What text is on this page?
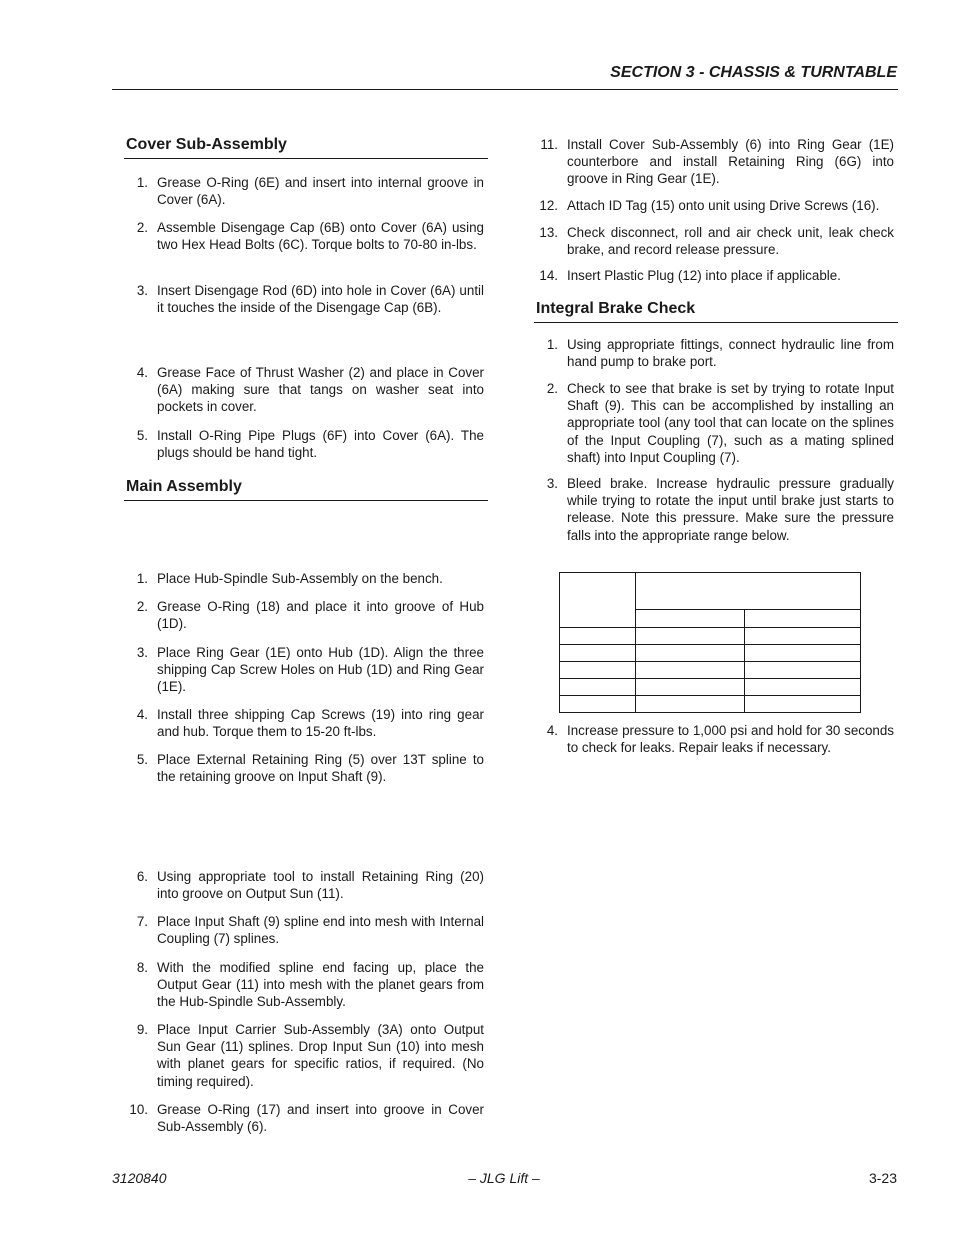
SECTION 3 - CHASSIS & TURNTABLE
Cover Sub-Assembly
1. Grease O-Ring (6E) and insert into internal groove in Cover (6A).
2. Assemble Disengage Cap (6B) onto Cover (6A) using two Hex Head Bolts (6C). Torque bolts to 70-80 in-lbs.
3. Insert Disengage Rod (6D) into hole in Cover (6A) until it touches the inside of the Disengage Cap (6B).
4. Grease Face of Thrust Washer (2) and place in Cover (6A) making sure that tangs on washer seat into pockets in cover.
5. Install O-Ring Pipe Plugs (6F) into Cover (6A). The plugs should be hand tight.
Main Assembly
1. Place Hub-Spindle Sub-Assembly on the bench.
2. Grease O-Ring (18) and place it into groove of Hub (1D).
3. Place Ring Gear (1E) onto Hub (1D). Align the three shipping Cap Screw Holes on Hub (1D) and Ring Gear (1E).
4. Install three shipping Cap Screws (19) into ring gear and hub. Torque them to 15-20 ft-lbs.
5. Place External Retaining Ring (5) over 13T spline to the retaining groove on Input Shaft (9).
6. Using appropriate tool to install Retaining Ring (20) into groove on Output Sun (11).
7. Place Input Shaft (9) spline end into mesh with Internal Coupling (7) splines.
8. With the modified spline end facing up, place the Output Gear (11) into mesh with the planet gears from the Hub-Spindle Sub-Assembly.
9. Place Input Carrier Sub-Assembly (3A) onto Output Sun Gear (11) splines. Drop Input Sun (10) into mesh with planet gears for specific ratios, if required. (No timing required).
10. Grease O-Ring (17) and insert into groove in Cover Sub-Assembly (6).
11. Install Cover Sub-Assembly (6) into Ring Gear (1E) counterbore and install Retaining Ring (6G) into groove in Ring Gear (1E).
12. Attach ID Tag (15) onto unit using Drive Screws (16).
13. Check disconnect, roll and air check unit, leak check brake, and record release pressure.
14. Insert Plastic Plug (12) into place if applicable.
Integral Brake Check
1. Using appropriate fittings, connect hydraulic line from hand pump to brake port.
2. Check to see that brake is set by trying to rotate Input Shaft (9). This can be accomplished by installing an appropriate tool (any tool that can locate on the splines of the Input Coupling (7), such as a mating splined shaft) into Input Coupling (7).
3. Bleed brake. Increase hydraulic pressure gradually while trying to rotate the input until brake just starts to release. Note this pressure. Make sure the pressure falls into the appropriate range below.

4. Increase pressure to 1,000 psi and hold for 30 seconds to check for leaks. Repair leaks if necessary.
3120840	– JLG Lift –	3-23
